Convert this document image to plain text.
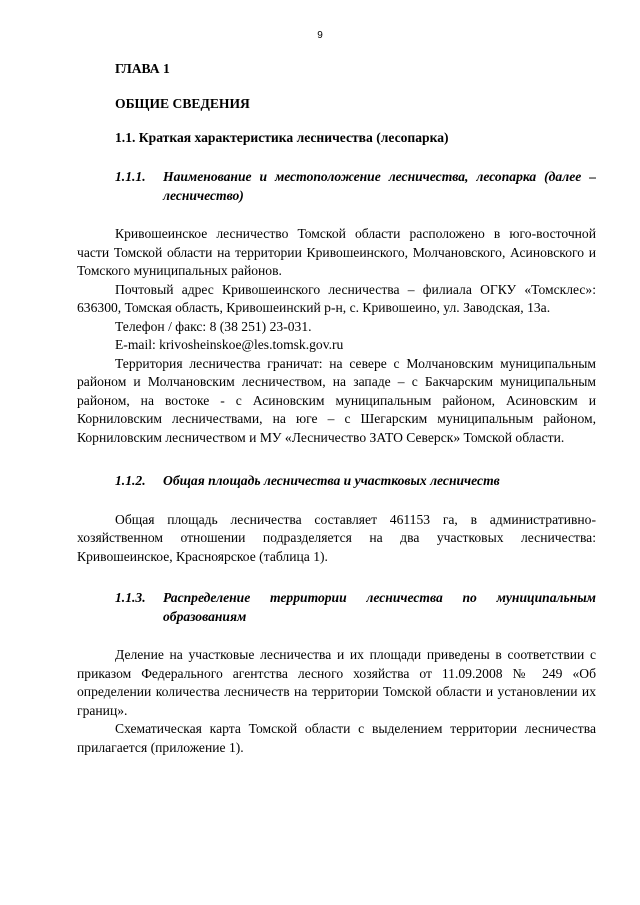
9
ГЛАВА 1
ОБЩИЕ СВЕДЕНИЯ
1.1. Краткая характеристика лесничества (лесопарка)
1.1.1.	Наименование и местоположение лесничества, лесопарка (далее – лесничество)

Кривошеинское лесничество Томской области расположено в юго-восточной части Томской области на территории Кривошеинского, Молчановского, Асиновского и Томского муниципальных районов.

Почтовый адрес Кривошеинского лесничества – филиала ОГКУ «Томсклес»: 636300, Томская область, Кривошеинский р-н, с. Кривошеино, ул. Заводская, 13а.

Телефон / факс: 8 (38 251) 23-031.

E-mail: krivosheinskoe@les.tomsk.gov.ru

Территория лесничества граничат: на севере с Молчановским муниципальным районом и Молчановским лесничеством, на западе – с Бакчарским муниципальным районом, на востоке - с Асиновским муниципальным районом, Асиновским и Корниловским лесничествами, на юге – с Шегарским муниципальным районом, Корниловским лесничеством и МУ «Лесничество ЗАТО Северск» Томской области.

1.1.2.	Общая площадь лесничества и участковых лесничеств

Общая площадь лесничества составляет 461153 га, в административно-хозяйственном отношении подразделяется на два участковых лесничества: Кривошеинское, Красноярское (таблица 1).

1.1.3.	Распределение территории лесничества по муниципальным образованиям

Деление на участковые лесничества и их площади приведены в соответствии с приказом Федерального агентства лесного хозяйства от 11.09.2008 № 249 «Об определении количества лесничеств на территории Томской области и установлении их границ».

Схематическая карта Томской области с выделением территории лесничества прилагается (приложение 1).
